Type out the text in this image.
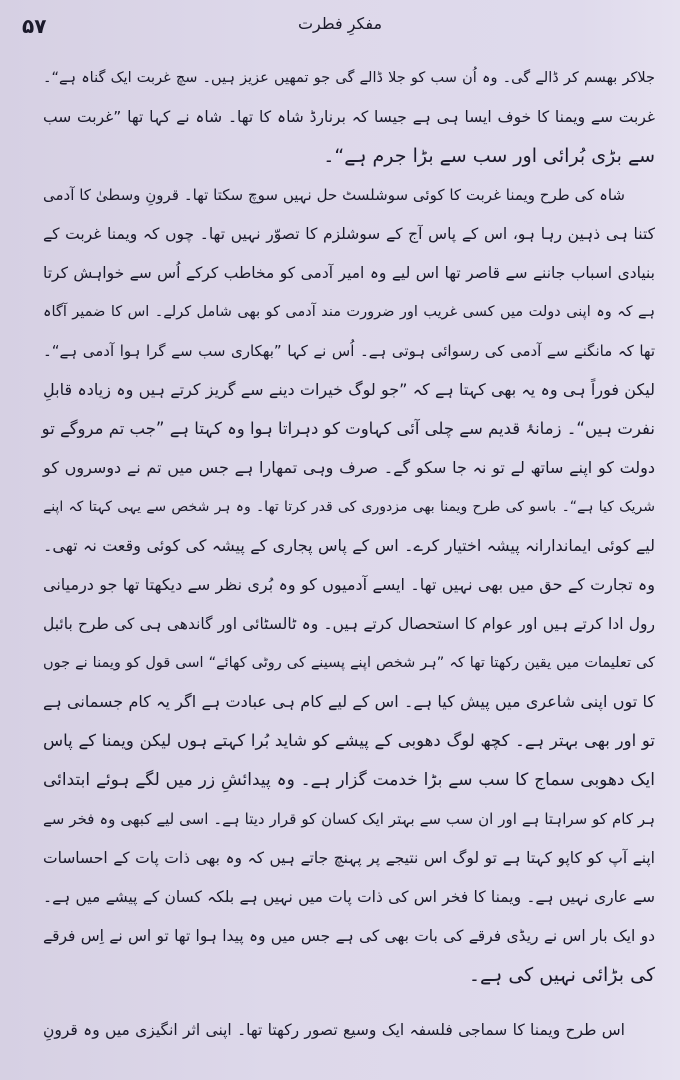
۵۷	مفکرِ فطرت
جلاکر بھسم کر ڈالے گی۔ وہ اُن سب کو جلا ڈالے گی جو تمھیں عزیز ہیں۔ سچ غربت ایک گناہ ہے“۔
غربت سے ویمنا کا خوف ایسا ہی ہے جیسا کہ برنارڈ شاہ کا تھا۔ شاہ نے کہا تھا ”غربت سب
سے بڑی بُرائی اور سب سے بڑا جرم ہے“۔
شاہ کی طرح ویمنا غربت کا کوئی سوشلسٹ حل نہیں سوچ سکتا تھا۔ قرونِ وسطیٰ کا آدمی
کتنا ہی ذہین رہا ہو، اس کے پاس آج کے سوشلزم کا تصوّر نہیں تھا۔ چوں کہ ویمنا غربت کے
بنیادی اسباب جاننے سے قاصر تھا اس لیے وہ امیر آدمی کو مخاطب کرکے اُس سے خواہش کرتا
ہے کہ وہ اپنی دولت میں کسی غریب اور ضرورت مند آدمی کو بھی شامل کرلے۔ اس کا ضمیر آگاہ
تھا کہ مانگنے سے آدمی کی رسوائی ہوتی ہے۔ اُس نے کہا ”بھکاری سب سے گرا ہوا آدمی ہے“۔
لیکن فوراً ہی وہ یہ بھی کہتا ہے کہ ”جو لوگ خیرات دینے سے گریز کرتے ہیں وہ زیادہ قابلِ
نفرت ہیں“۔ زمانۂ قدیم سے چلی آئی کہاوت کو دہراتا ہوا وہ کہتا ہے ”جب تم مروگے تو
دولت کو اپنے ساتھ لے تو نہ جا سکو گے۔ صرف وہی تمھارا ہے جس میں تم نے دوسروں کو
شریک کیا ہے“۔ باسو کی طرح ویمنا بھی مزدوری کی قدر کرتا تھا۔ وہ ہر شخص سے یہی کہتا کہ اپنے
لیے کوئی ایماندارانہ پیشہ اختیار کرے۔ اس کے پاس پجاری کے پیشہ کی کوئی وقعت نہ تھی۔
وہ تجارت کے حق میں بھی نہیں تھا۔ ایسے آدمیوں کو وہ بُری نظر سے دیکھتا تھا جو درمیانی
رول ادا کرتے ہیں اور عوام کا استحصال کرتے ہیں۔ وہ ٹالسٹائی اور گاندھی ہی کی طرح بائبل
کی تعلیمات میں یقین رکھتا تھا کہ ”ہر شخص اپنے پسینے کی روٹی کھائے“ اسی قول کو ویمنا نے جوں
کا توں اپنی شاعری میں پیش کیا ہے۔ اس کے لیے کام ہی عبادت ہے اگر یہ کام جسمانی ہے
تو اور بھی بہتر ہے۔ کچھ لوگ دھوبی کے پیشے کو شاید بُرا کہتے ہوں لیکن ویمنا کے پاس
ایک دھوبی سماج کا سب سے بڑا خدمت گزار ہے۔ وہ پیدائشِ زر میں لگے ہوئے ابتدائی
ہر کام کو سراہتا ہے اور ان سب سے بہتر ایک کسان کو قرار دیتا ہے۔ اسی لیے کبھی وہ فخر سے
اپنے آپ کو کاپو کہتا ہے تو لوگ اس نتیجے پر پہنچ جاتے ہیں کہ وہ بھی ذات پات کے احساسات
سے عاری نہیں ہے۔ ویمنا کا فخر اس کی ذات پات میں نہیں ہے بلکہ کسان کے پیشے میں ہے۔
دو ایک بار اس نے ریڈی فرقے کی بات بھی کی ہے جس میں وہ پیدا ہوا تھا تو اس نے اِس فرقے
کی بڑائی نہیں کی ہے۔
اس طرح ویمنا کا سماجی فلسفہ ایک وسیع تصور رکھتا تھا۔ اپنی اثر انگیزی میں وہ قرونِ
